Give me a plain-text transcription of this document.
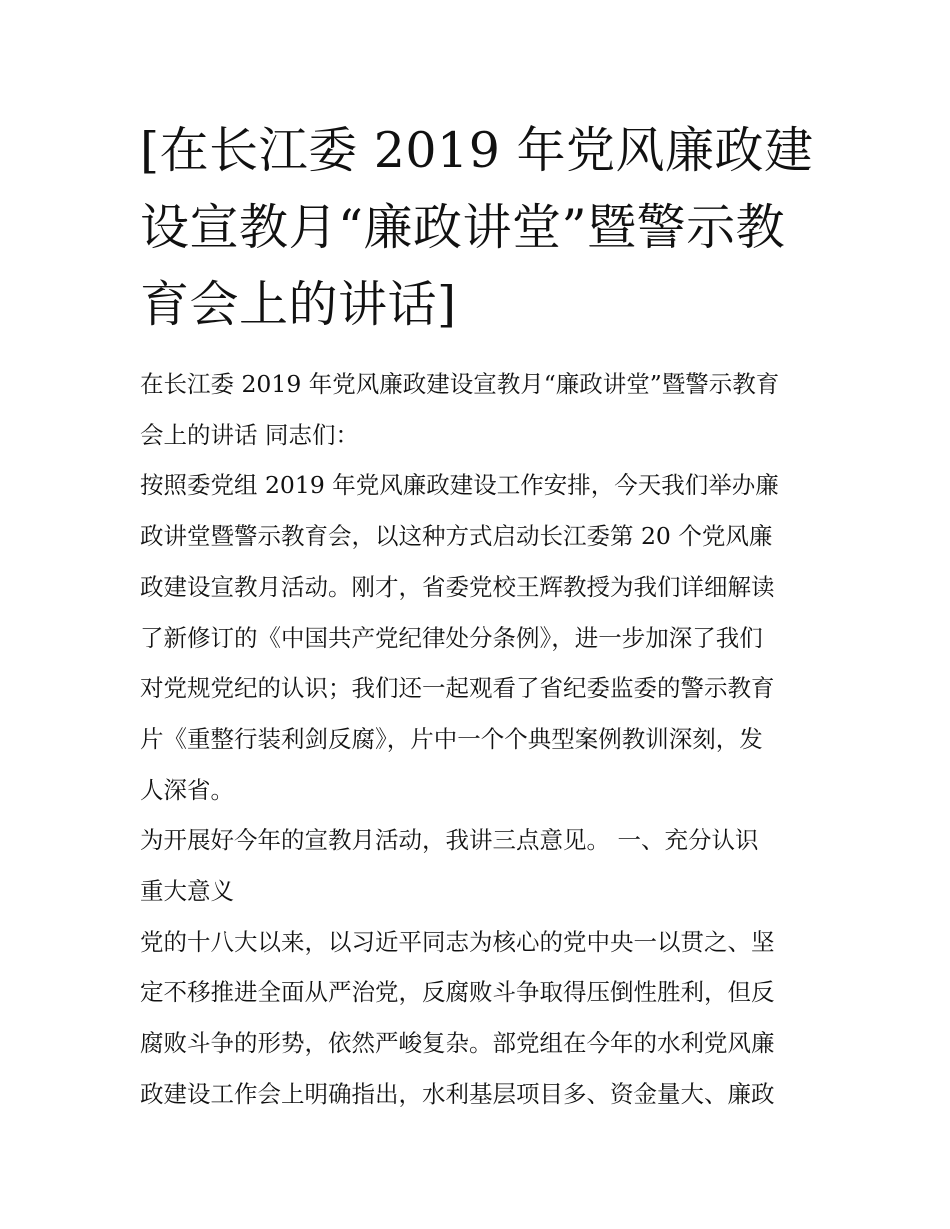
[在长江委 2019 年党风廉政建
设宣教月“廉政讲堂”暨警示教
育会上的讲话]
在长江委 2019 年党风廉政建设宣教月“廉政讲堂”暨警示教育
会上的讲话 同志们：
按照委党组 2019 年党风廉政建设工作安排，今天我们举办廉
政讲堂暨警示教育会，以这种方式启动长江委第 20 个党风廉
政建设宣教月活动。刚才，省委党校王辉教授为我们详细解读
了新修订的《中国共产党纪律处分条例》，进一步加深了我们
对党规党纪的认识；我们还一起观看了省纪委监委的警示教育
片《重整行装利剑反腐》，片中一个个典型案例教训深刻，发
人深省。
为开展好今年的宣教月活动，我讲三点意见。 一、充分认识
重大意义
党的十八大以来，以习近平同志为核心的党中央一以贯之、坚
定不移推进全面从严治党，反腐败斗争取得压倒性胜利，但反
腐败斗争的形势，依然严峻复杂。部党组在今年的水利党风廉
政建设工作会上明确指出，水利基层项目多、资金量大、廉政
